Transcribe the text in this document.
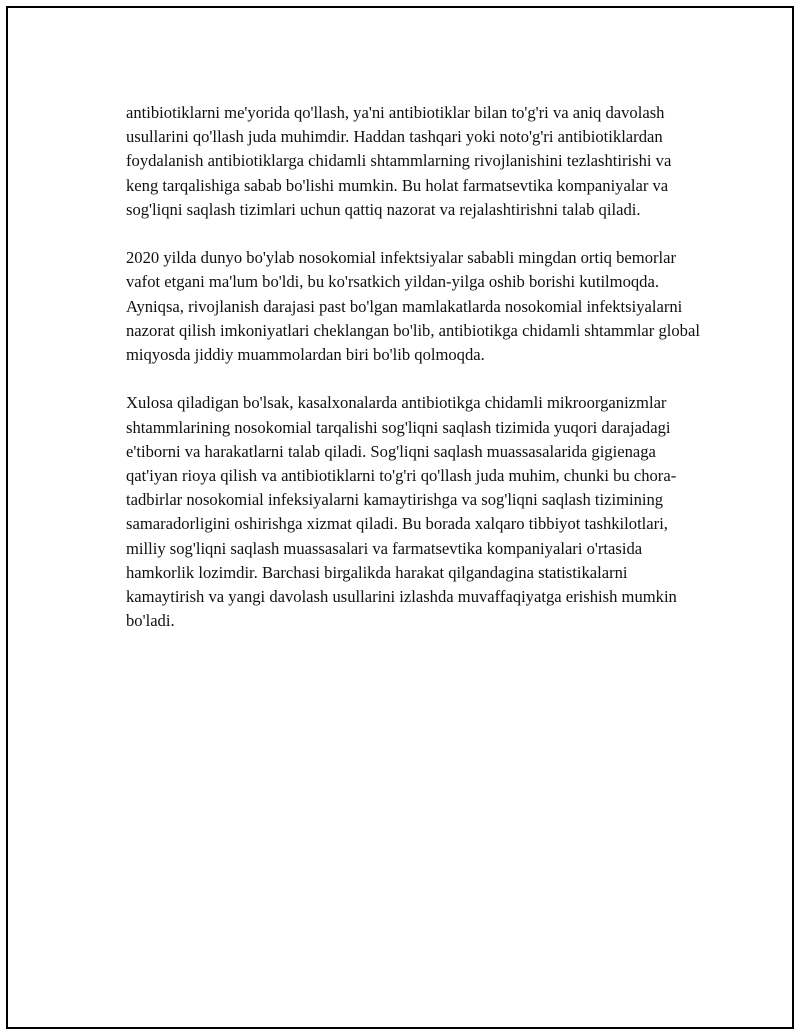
antibiotiklarni me'yorida qo'llash, ya'ni antibiotiklar bilan to'g'ri va aniq davolash usullarini qo'llash juda muhimdir. Haddan tashqari yoki noto'g'ri antibiotiklardan foydalanish antibiotiklarga chidamli shtammlarning rivojlanishini tezlashtirishi va keng tarqalishiga sabab bo'lishi mumkin. Bu holat farmatsevtika kompaniyalar va sog'liqni saqlash tizimlari uchun qattiq nazorat va rejalashtirishni talab qiladi.

2020 yilda dunyo bo'ylab nosokomial infektsiyalar sababli mingdan ortiq bemorlar vafot etgani ma'lum bo'ldi, bu ko'rsatkich yildan-yilga oshib borishi kutilmoqda. Ayniqsa, rivojlanish darajasi past bo'lgan mamlakatlarda nosokomial infektsiyalarni nazorat qilish imkoniyatlari cheklangan bo'lib, antibiotikga chidamli shtammlar global miqyosda jiddiy muammolardan biri bo'lib qolmoqda.

Xulosa qiladigan bo'lsak, kasalxonalarda antibiotikga chidamli mikroorganizmlar shtammlarining nosokomial tarqalishi sog'liqni saqlash tizimida yuqori darajadagi e'tiborni va harakatlarni talab qiladi. Sog'liqni saqlash muassasalarida gigienaga qat'iyan rioya qilish va antibiotiklarni to'g'ri qo'llash juda muhim, chunki bu chora-tadbirlar nosokomial infeksiyalarni kamaytirishga va sog'liqni saqlash tizimining samaradorligini oshirishga xizmat qiladi. Bu borada xalqaro tibbiyot tashkilotlari, milliy sog'liqni saqlash muassasalari va farmatsevtika kompaniyalari o'rtasida hamkorlik lozimdir. Barchasi birgalikda harakat qilgandagina statistikalarni kamaytirish va yangi davolash usullarini izlashda muvaffaqiyatga erishish mumkin bo'ladi.
